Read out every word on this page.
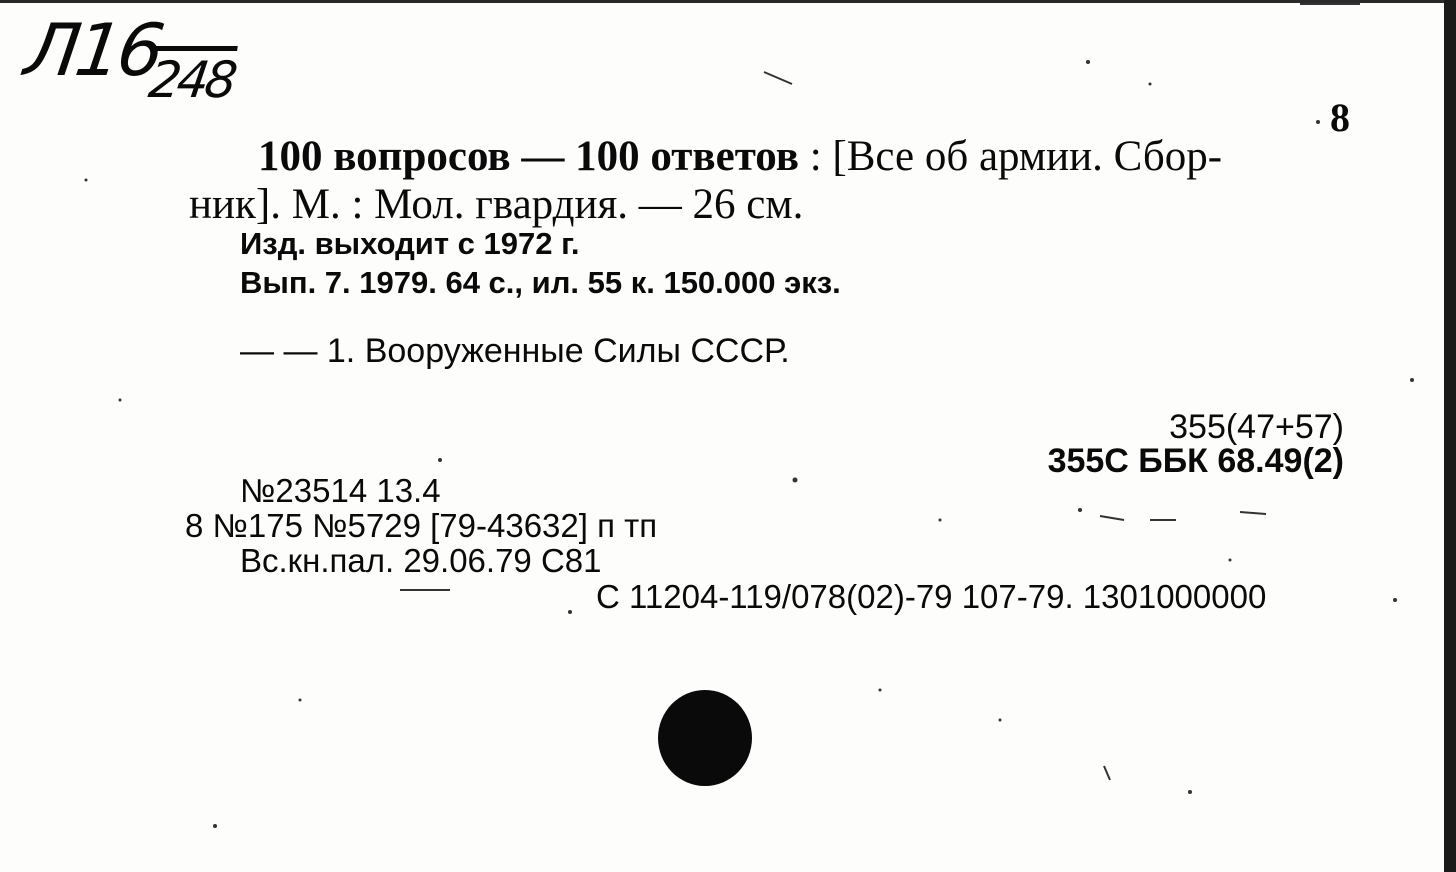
$Л16_{248}$
8
100 вопросов — 100 ответов : [Все об армии. Сбор-
ник]. М. : Мол. гвардия. — 26 см.
Изд. выходит с 1972 г.
Вып. 7. 1979. 64 с., ил. 55 к. 150.000 экз.
— — 1. Вооруженные Силы СССР.
355(47+57)
355С ББК 68.49(2)
№23514 13.4
8 №175 №5729 [79-43632] п тп
Вс.кн.пал. 29.06.79 С81
С 11204-119/078(02)-79 107-79. 1301000000
